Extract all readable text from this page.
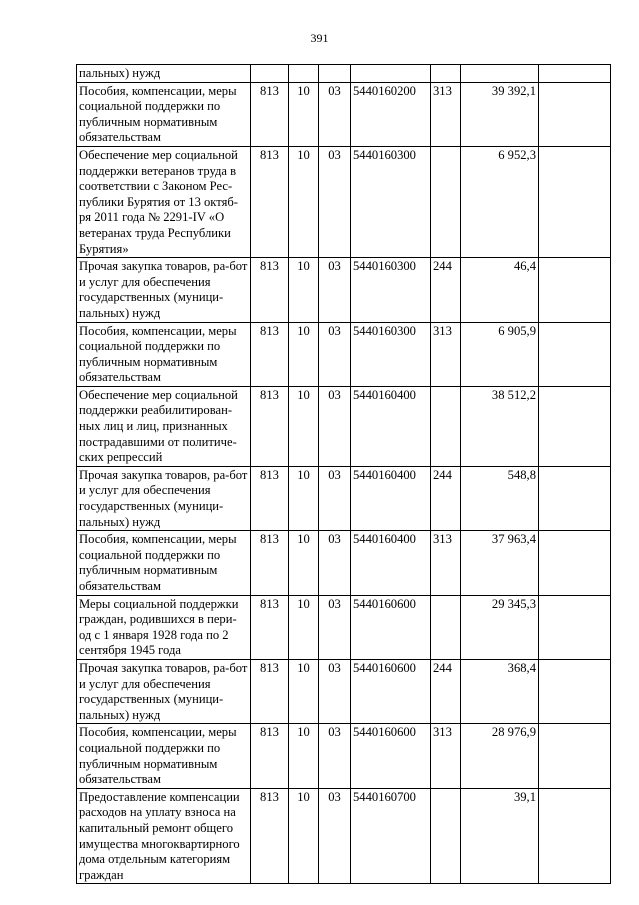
391
пальных) нужд							
Пособия, компенсации, меры социальной поддержки по публичным нормативным обязательствам	813	10	03	5440160200	313	39 392,1	
Обеспечение мер социальной поддержки ветеранов труда в соответствии с Законом Рес-публики Бурятия от 13 октяб-ря 2011 года № 2291-IV «О ветеранах труда Республики Бурятия»	813	10	03	5440160300		6 952,3	
Прочая закупка товаров, ра-бот и услуг для обеспечения государственных (муници-пальных) нужд	813	10	03	5440160300	244	46,4	
Пособия, компенсации, меры социальной поддержки по публичным нормативным обязательствам	813	10	03	5440160300	313	6 905,9	
Обеспечение мер социальной поддержки реабилитирован-ных лиц и лиц, признанных пострадавшими от политиче-ских репрессий	813	10	03	5440160400		38 512,2	
Прочая закупка товаров, ра-бот и услуг для обеспечения государственных (муници-пальных) нужд	813	10	03	5440160400	244	548,8	
Пособия, компенсации, меры социальной поддержки по публичным нормативным обязательствам	813	10	03	5440160400	313	37 963,4	
Меры социальной поддержки граждан, родившихся в пери-од с 1 января 1928 года по 2 сентября 1945 года	813	10	03	5440160600		29 345,3	
Прочая закупка товаров, ра-бот и услуг для обеспечения государственных (муници-пальных) нужд	813	10	03	5440160600	244	368,4	
Пособия, компенсации, меры социальной поддержки по публичным нормативным обязательствам	813	10	03	5440160600	313	28 976,9	
Предоставление компенсации расходов на уплату взноса на капитальный ремонт общего имущества многоквартирного дома отдельным категориям граждан	813	10	03	5440160700		39,1	
